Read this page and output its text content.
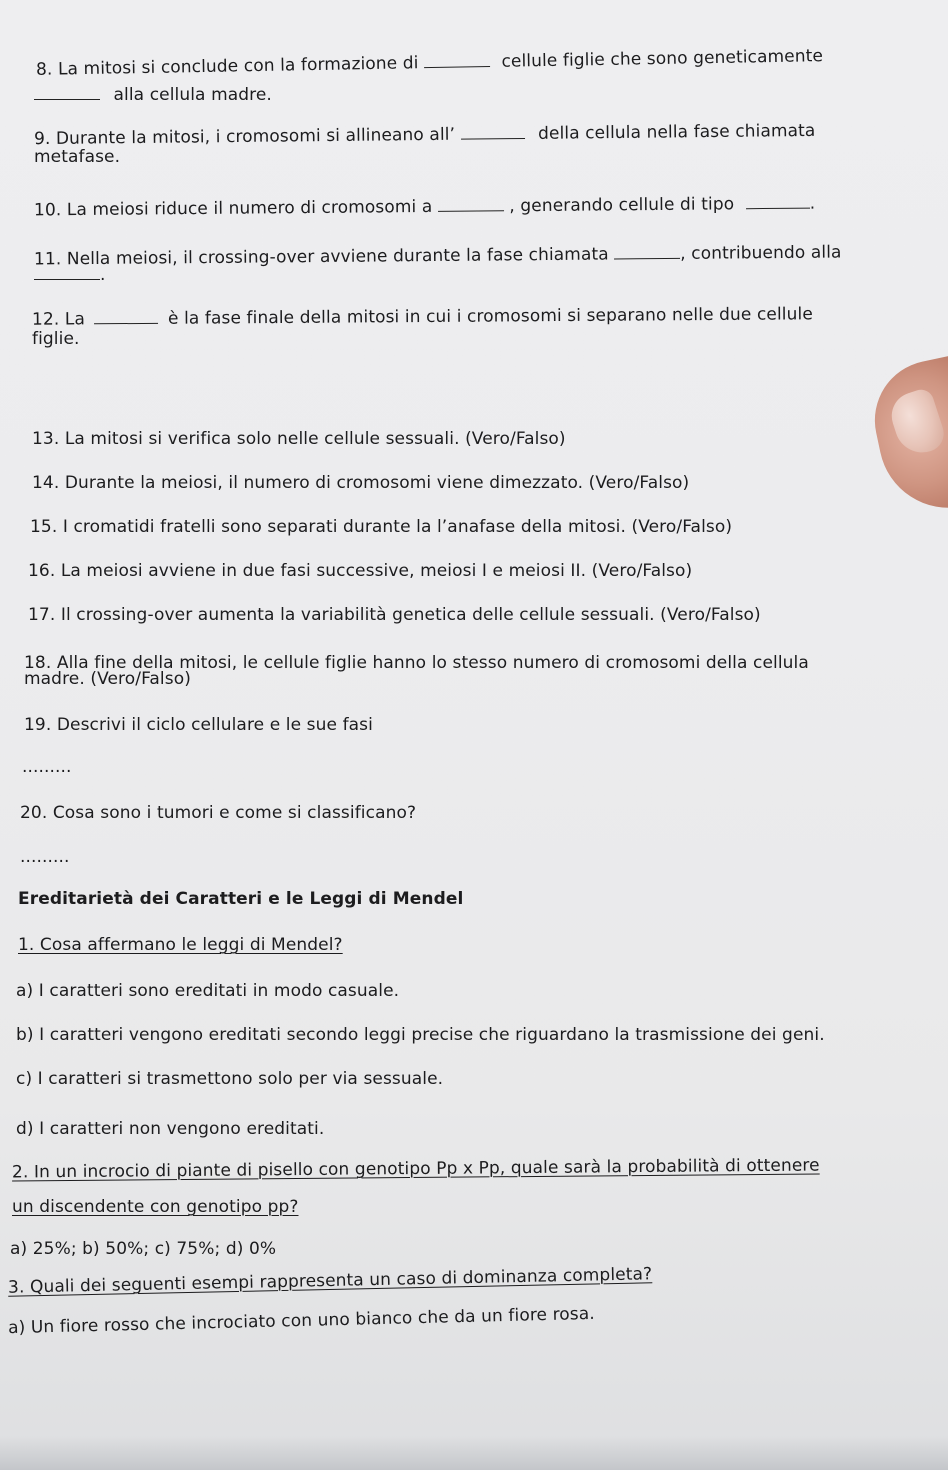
8. La mitosi si conclude con la formazione di	cellule figlie che sono geneticamente
alla cellula madre.
9. Durante la mitosi, i cromosomi si allineano all’	della cellula nella fase chiamata
metafase.
10. La meiosi riduce il numero di cromosomi a	, generando cellule di tipo	.
11. Nella meiosi, il crossing-over avviene durante la fase chiamata	, contribuendo alla
.
12. La	è la fase finale della mitosi in cui i cromosomi si separano nelle due cellule
figlie.
13. La mitosi si verifica solo nelle cellule sessuali. (Vero/Falso)
14. Durante la meiosi, il numero di cromosomi viene dimezzato. (Vero/Falso)
15. I cromatidi fratelli sono separati durante la l’anafase della mitosi. (Vero/Falso)
16. La meiosi avviene in due fasi successive, meiosi I e meiosi II. (Vero/Falso)
17. Il crossing-over aumenta la variabilità genetica delle cellule sessuali. (Vero/Falso)
18. Alla fine della mitosi, le cellule figlie hanno lo stesso numero di cromosomi della cellula
madre. (Vero/Falso)
19. Descrivi il ciclo cellulare e le sue fasi
.........
20. Cosa sono i tumori e come si classificano?
.........
Ereditarietà dei Caratteri e le Leggi di Mendel
1. Cosa affermano le leggi di Mendel?
a) I caratteri sono ereditati in modo casuale.
b) I caratteri vengono ereditati secondo leggi precise che riguardano la trasmissione dei geni.
c) I caratteri si trasmettono solo per via sessuale.
d) I caratteri non vengono ereditati.
2. In un incrocio di piante di pisello con genotipo Pp x Pp, quale sarà la probabilità di ottenere
un discendente con genotipo pp?
a) 25%; b) 50%; c) 75%; d) 0%
3. Quali dei seguenti esempi rappresenta un caso di dominanza completa?
a) Un fiore rosso che incrociato con uno bianco che da un fiore rosa.
